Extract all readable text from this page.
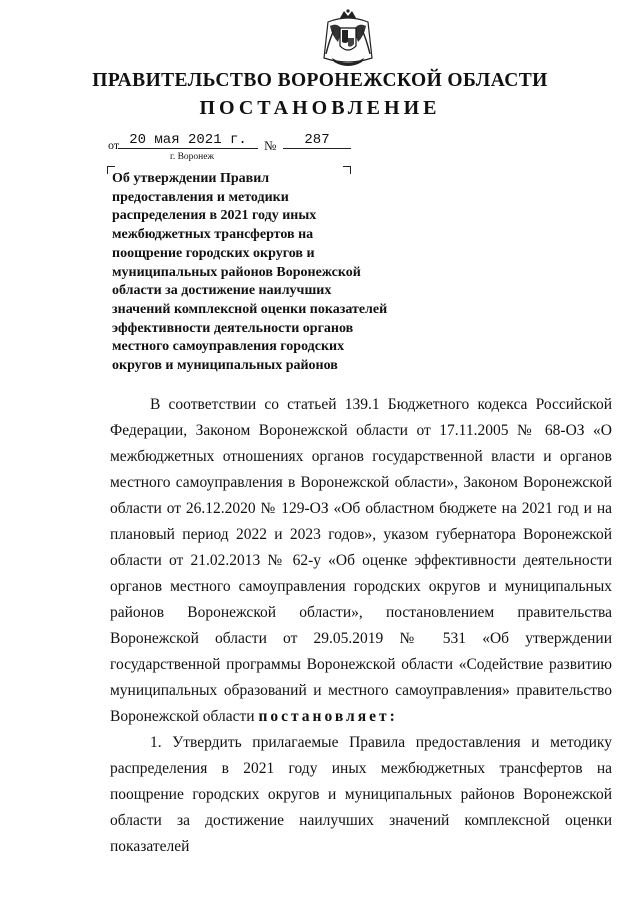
ПРАВИТЕЛЬСТВО ВОРОНЕЖСКОЙ ОБЛАСТИ
ПОСТАНОВЛЕНИЕ
от 20 мая 2021 г.	№	287
г. Воронеж
Об утверждении Правил
предоставления и методики
распределения в 2021 году иных
межбюджетных трансфертов на
поощрение городских округов и
муниципальных районов Воронежской
области за достижение наилучших
значений комплексной оценки показателей
эффективности деятельности органов
местного самоуправления городских
округов и муниципальных районов

В соответствии со статьей 139.1 Бюджетного кодекса Российской Федерации, Законом Воронежской области от 17.11.2005 № 68-ОЗ «О межбюджетных отношениях органов государственной власти и органов местного самоуправления в Воронежской области», Законом Воронежской области от 26.12.2020 № 129-ОЗ «Об областном бюджете на 2021 год и на плановый период 2022 и 2023 годов», указом губернатора Воронежской области от 21.02.2013 № 62-у «Об оценке эффективности деятельности органов местного самоуправления городских округов и муниципальных районов Воронежской области», постановлением правительства Воронежской области от 29.05.2019 № 531 «Об утверждении государственной программы Воронежской области «Содействие развитию муниципальных образований и местного самоуправления» правительство Воронежской области постановляет:

1. Утвердить прилагаемые Правила предоставления и методику распределения в 2021 году иных межбюджетных трансфертов на поощрение городских округов и муниципальных районов Воронежской области за достижение наилучших значений комплексной оценки показателей
